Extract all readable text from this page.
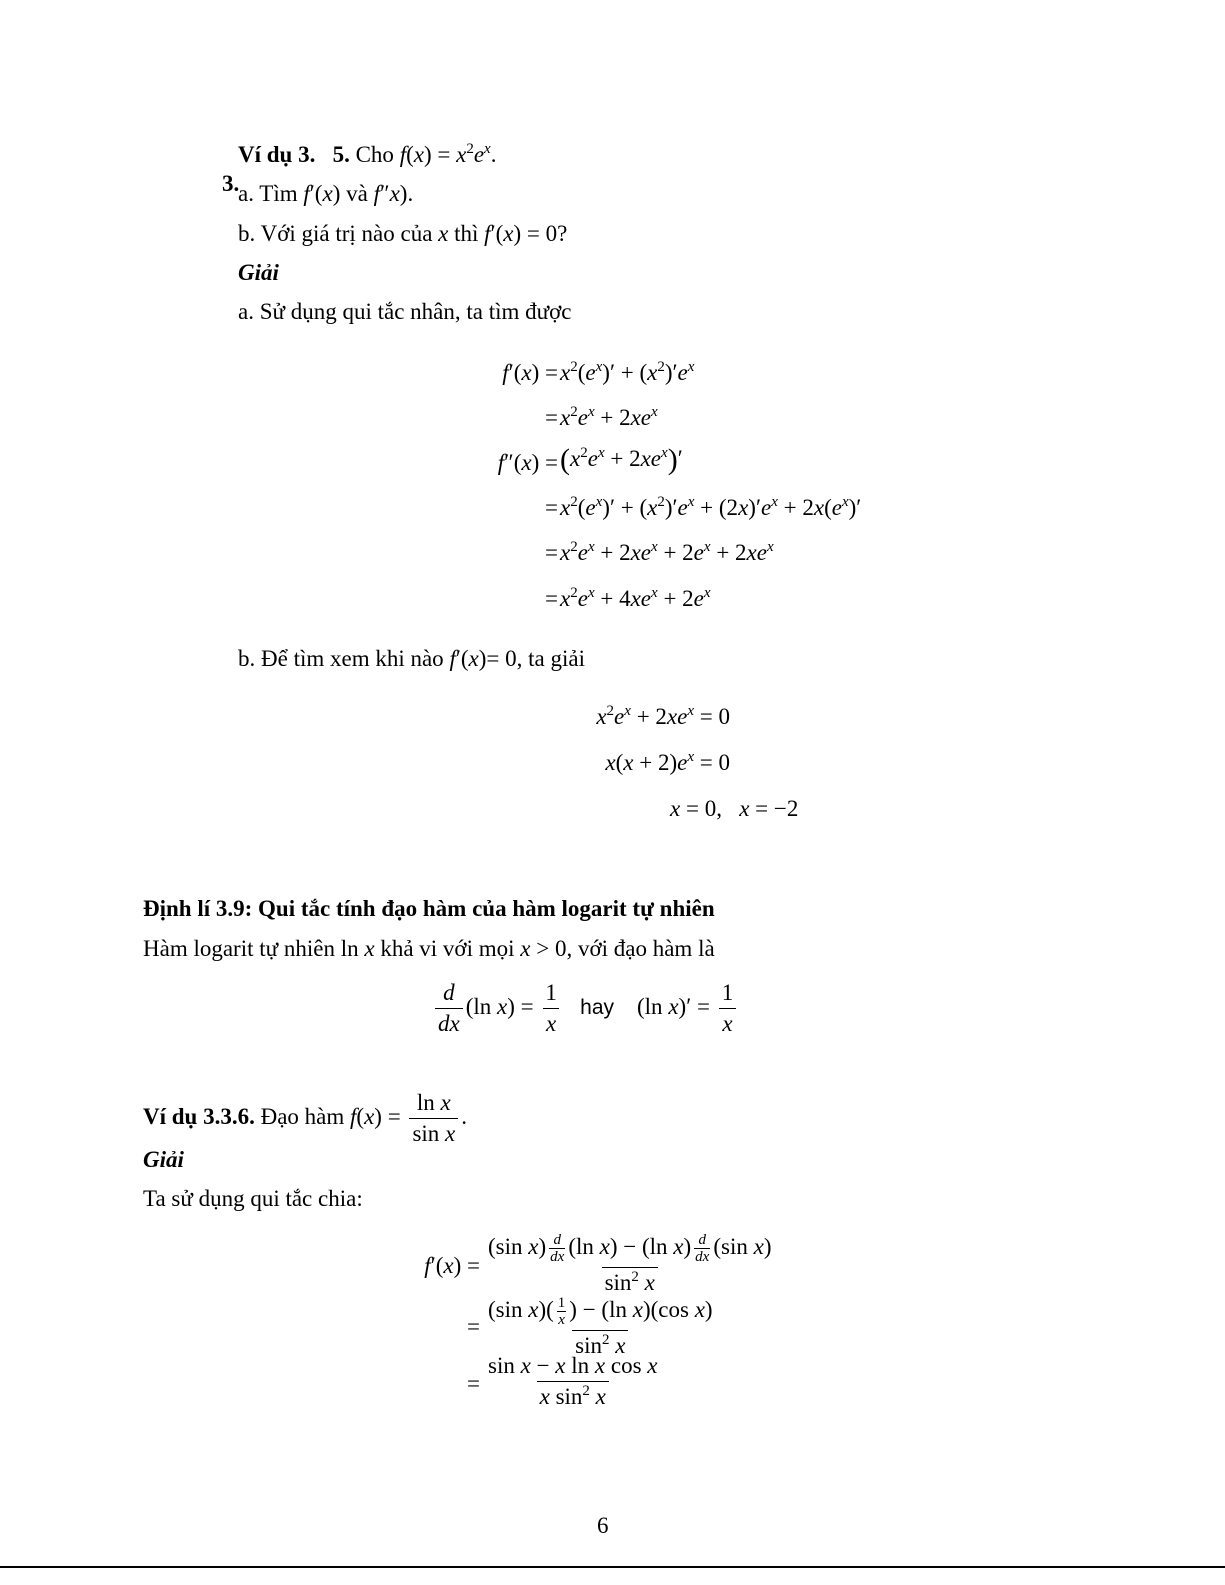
Ví dụ 3. 5. Cho $f(x) = x^2e^x$.
3.
a. Tìm f′(x) và f″x).
b. Với giá trị nào của x thì f′(x) = 0?
Giải
a. Sử dụng qui tắc nhân, ta tìm được
$f'(x) = x^2(e^x)' + (x^2)'e^x$
= $x^2e^x + 2xe^x$
$f''(x) = (x^2e^x + 2xe^x)'$
= $x^2(e^x)' + (x^2)'e^x + (2x)'e^x + 2x(e^x)'$
= $x^2e^x + 2xe^x + 2e^x + 2xe^x$
= $x^2e^x + 4xe^x + 2e^x$
b. Để tìm xem khi nào f′(x)= 0, ta giải
$x^2e^x + 2xe^x = 0$
$x(x + 2)e^x = 0$
x = 0,   x = −2
Định lí 3.9: Qui tắc tính đạo hàm của hàm logarit tự nhiên
Hàm logarit tự nhiên ln x khả vi với mọi x > 0, với đạo hàm là
$\frac{d}{dx} (\ln$ $x) = \frac{1}{x}$ hay    (ln $x)' = \frac{1}{x}$
Ví dụ 3.3.6. Đạo hàm $f(x) = \frac{\text{ln x}}{\text{sin x}}$ .
Giải
Ta sử dụng qui tắc chia:
$f'(x) = \frac{(\sin x) \frac{d}{dx} (\ln x) - (\ln x) \frac{d}{dx} (\sin x)}{\sin^2 x}$
= $\frac{(\sin x)( \frac{1}{x} ) - (\ln x)(\cos x)}{\sin^2 x}$
= $\frac{\text{sin x − x ln x cos x}}{x \sin^2 x}$
6
